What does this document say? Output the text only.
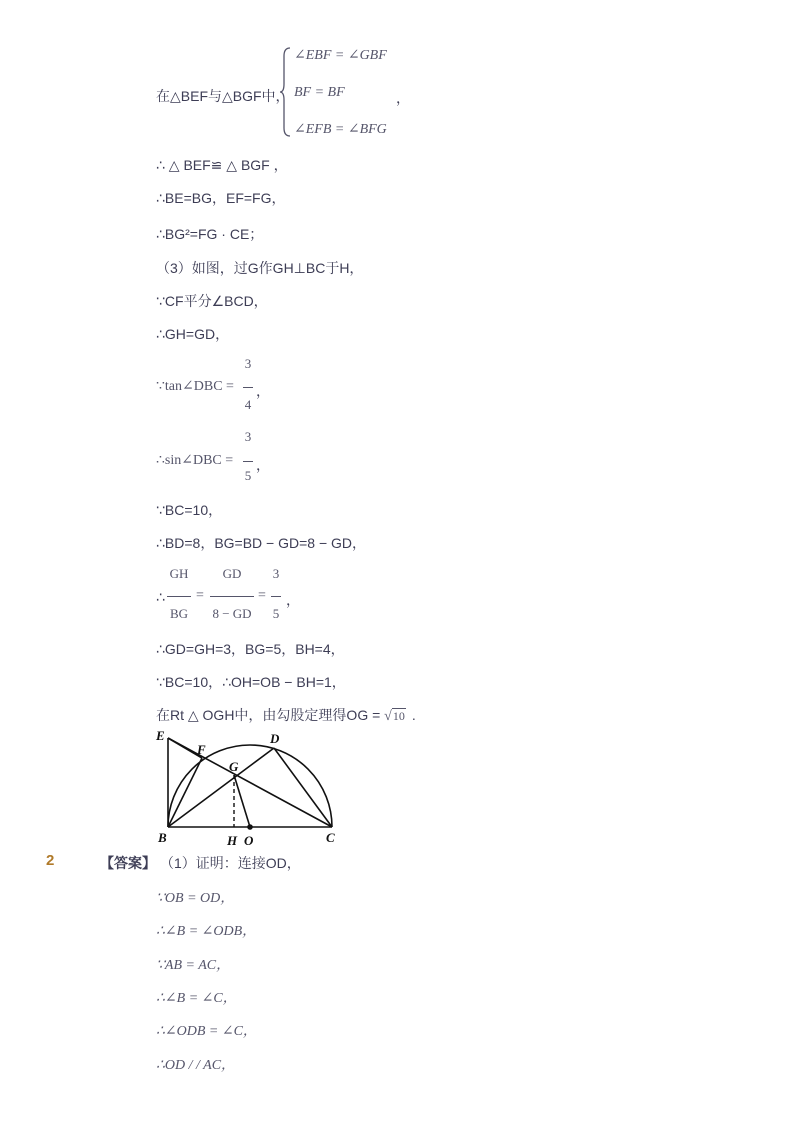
在△BEF与△BGF中，
∠EBF = ∠GBF
BF = BF
∠EFB = ∠BFG
，
∴ △ BEF≌ △ BGF ，
∴BE=BG，EF=FG，
∴BG²=FG · CE；
（3）如图，过G作GH⊥BC于H，
∵CF平分∠BCD，
∴GH=GD，
∵tan∠DBC =
3
4
，
∴sin∠DBC =
3
5
，
∵BC=10，
∴BD=8，BG=BD − GD=8 − GD，
∴
GH
BG
=
GD
8 − GD
=
3
5
，
∴GD=GH=3，BG=5，BH=4，
∵BC=10，∴OH=OB − BH=1，
在Rt △ OGH中，由勾股定理得OG = √10 .
E
F
D
G
B	H O	C
2	【答案】 （1）证明：连接OD，
∵OB = OD，
∴∠B = ∠ODB，
∵AB = AC，
∴∠B = ∠C，
∴∠ODB = ∠C，
∴OD / / AC，
